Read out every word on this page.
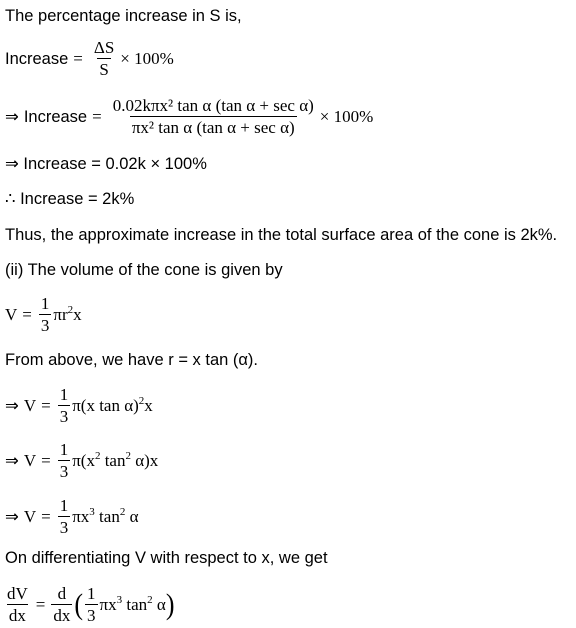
The percentage increase in S is,
Increase = $\frac{\Delta S}{S} \times 100\%$
⇒ Increase = $\frac{\text{0.02kπx² tan α (tan α + sec α)}}{\text{πx² tan α (tan α + sec α)}} \times 100\%$
⇒ Increase = 0.02k × 100%
∴ Increase = 2k%
Thus, the approximate increase in the total surface area of the cone is 2k%.
(ii) The volume of the cone is given by
$V = \frac{1}{3} \pi r^2x$
From above, we have r = x tan (α).
⇒ $V = \frac{1}{3} \pi(x$ tan α)$^2$x
⇒ $V = \frac{1}{3} \pi(x^2$ $\tan^2 \alpha)x$
⇒ $V = \frac{1}{3} \pi x^3$ $\tan^2 \alpha$
On differentiating V with respect to x, we get
$\frac{dV}{dx} = \frac{d}{dx}$ ( $\frac{1}{3} \pi x^3$ $\tan^2 \alpha$ )
